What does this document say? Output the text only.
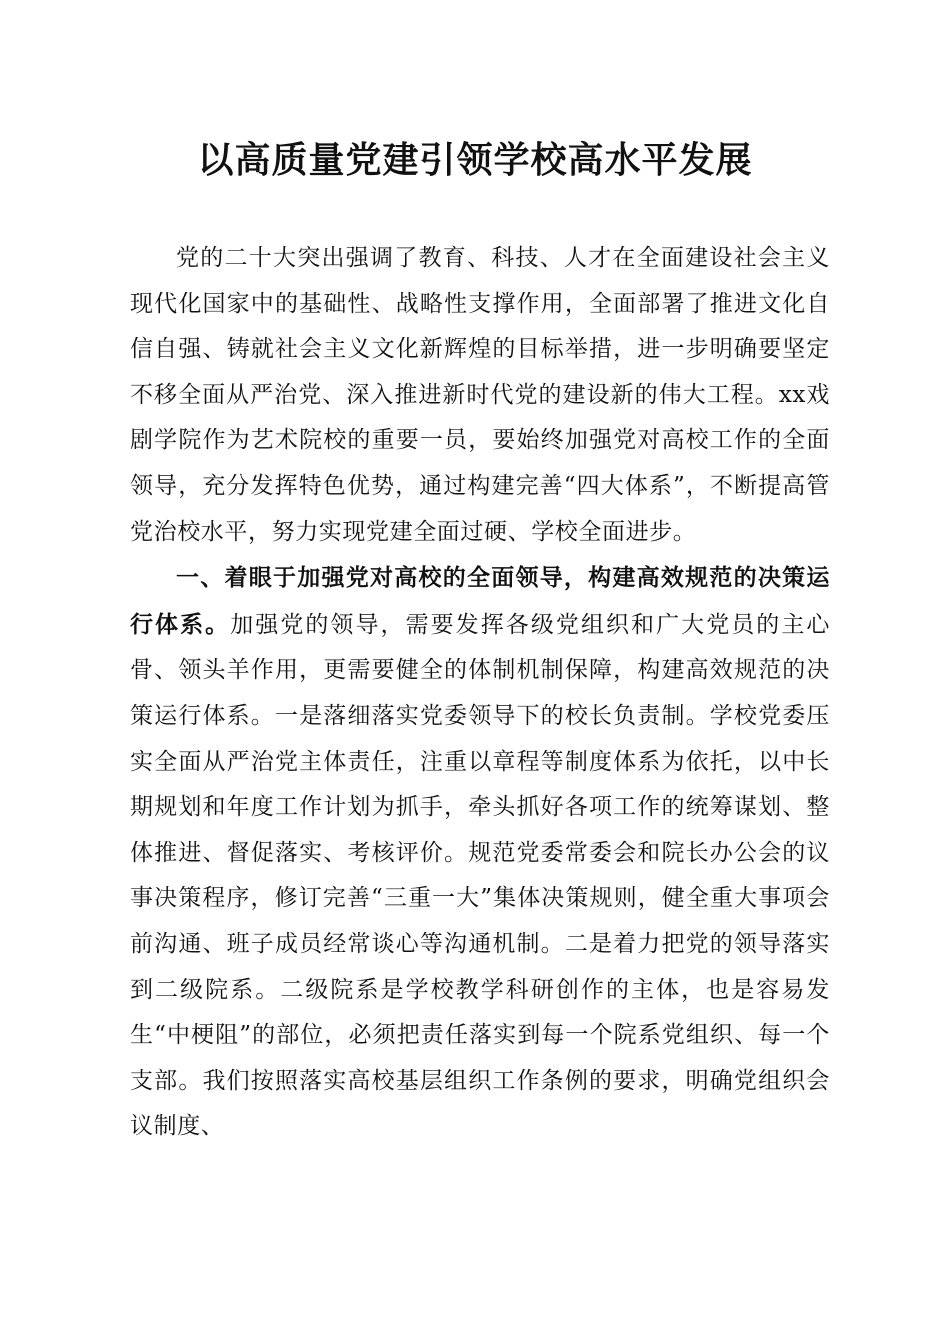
以高质量党建引领学校高水平发展

党的二十大突出强调了教育、科技、人才在全面建设社会主义现代化国家中的基础性、战略性支撑作用，全面部署了推进文化自信自强、铸就社会主义文化新辉煌的目标举措，进一步明确要坚定不移全面从严治党、深入推进新时代党的建设新的伟大工程。xx戏剧学院作为艺术院校的重要一员，要始终加强党对高校工作的全面领导，充分发挥特色优势，通过构建完善“四大体系”，不断提高管党治校水平，努力实现党建全面过硬、学校全面进步。

一、着眼于加强党对高校的全面领导，构建高效规范的决策运行体系。加强党的领导，需要发挥各级党组织和广大党员的主心骨、领头羊作用，更需要健全的体制机制保障，构建高效规范的决策运行体系。一是落细落实党委领导下的校长负责制。学校党委压实全面从严治党主体责任，注重以章程等制度体系为依托，以中长期规划和年度工作计划为抓手，牵头抓好各项工作的统筹谋划、整体推进、督促落实、考核评价。规范党委常委会和院长办公会的议事决策程序，修订完善“三重一大”集体决策规则，健全重大事项会前沟通、班子成员经常谈心等沟通机制。二是着力把党的领导落实到二级院系。二级院系是学校教学科研创作的主体，也是容易发生“中梗阻”的部位，必须把责任落实到每一个院系党组织、每一个支部。我们按照落实高校基层组织工作条例的要求，明确党组织会议制度、
